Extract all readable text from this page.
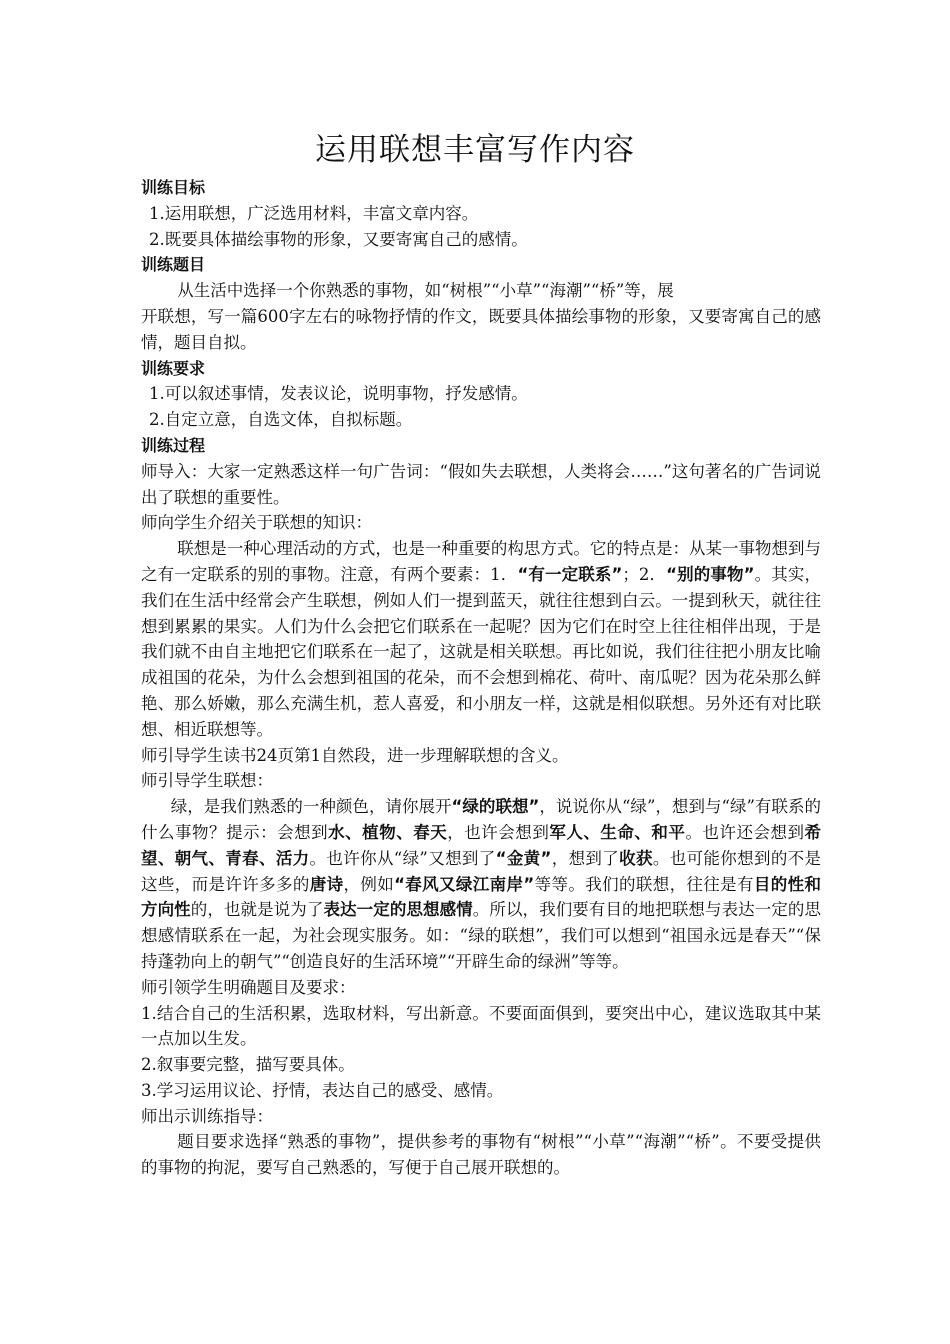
运用联想丰富写作内容

训练目标

1.运用联想，广泛选用材料，丰富文章内容。

2.既要具体描绘事物的形象，又要寄寓自己的感情。

训练题目

从生活中选择一个你熟悉的事物，如“树根”“小草”“海潮”“桥”等，展

开联想，写一篇600字左右的咏物抒情的作文，既要具体描绘事物的形象，又要寄寓自己的感情，题目自拟。

训练要求

1.可以叙述事情，发表议论，说明事物，抒发感情。

2.自定立意，自选文体，自拟标题。

训练过程

师导入：大家一定熟悉这样一句广告词：“假如失去联想，人类将会……”这句著名的广告词说出了联想的重要性。

师向学生介绍关于联想的知识：

联想是一种心理活动的方式，也是一种重要的构思方式。它的特点是：从某一事物想到与之有一定联系的别的事物。注意，有两个要素：1．“有一定联系”；2．“别的事物”。其实，我们在生活中经常会产生联想，例如人们一提到蓝天，就往往想到白云。一提到秋天，就往往想到累累的果实。人们为什么会把它们联系在一起呢？因为它们在时空上往往相伴出现，于是我们就不由自主地把它们联系在一起了，这就是相关联想。再比如说，我们往往把小朋友比喻成祖国的花朵，为什么会想到祖国的花朵，而不会想到棉花、荷叶、南瓜呢？因为花朵那么鲜艳、那么娇嫩，那么充满生机，惹人喜爱，和小朋友一样，这就是相似联想。另外还有对比联想、相近联想等。

师引导学生读书24页第1自然段，进一步理解联想的含义。

师引导学生联想：

绿，是我们熟悉的一种颜色，请你展开“绿的联想”，说说你从“绿”，想到与“绿”有联系的什么事物？提示：会想到水、植物、春天，也许会想到军人、生命、和平。也许还会想到希望、朝气、青春、活力。也许你从“绿”又想到了“金黄”，想到了收获。也可能你想到的不是这些，而是许许多多的唐诗，例如“春风又绿江南岸”等等。我们的联想，往往是有目的性和方向性的，也就是说为了表达一定的思想感情。所以，我们要有目的地把联想与表达一定的思想感情联系在一起，为社会现实服务。如：“绿的联想”，我们可以想到“祖国永远是春天”“保持蓬勃向上的朝气”“创造良好的生活环境”“开辟生命的绿洲”等等。

师引领学生明确题目及要求：

1.结合自己的生活积累，选取材料，写出新意。不要面面俱到，要突出中心，建议选取其中某一点加以生发。

2.叙事要完整，描写要具体。

3.学习运用议论、抒情，表达自己的感受、感情。

师出示训练指导：

题目要求选择“熟悉的事物”，提供参考的事物有“树根”“小草”“海潮”“桥”。不要受提供的事物的拘泥，要写自己熟悉的，写便于自己展开联想的。
